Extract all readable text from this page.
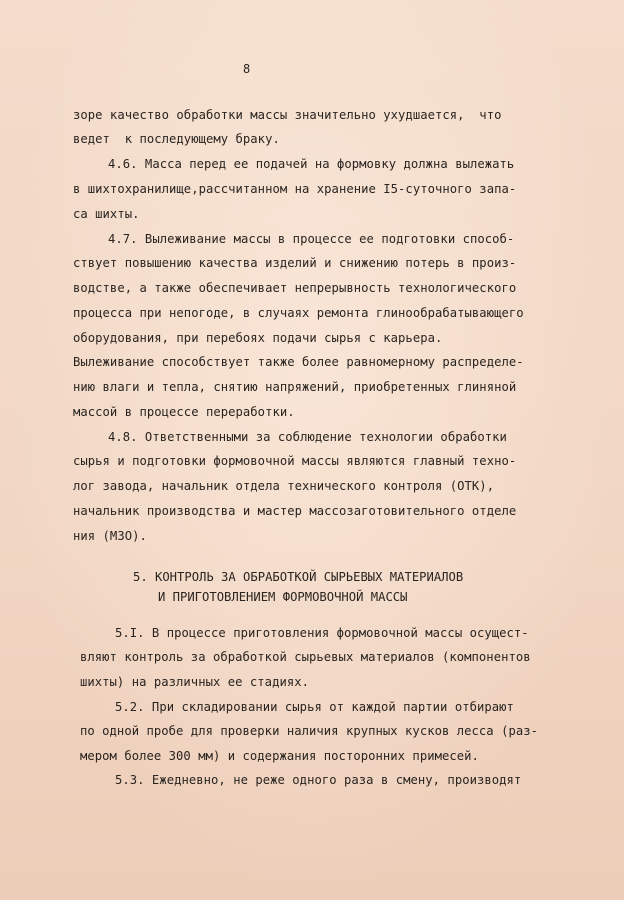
8
зоре качество обработки массы значительно ухудшается,  что
ведет  к последующему браку.
4.6. Масса перед ее подачей на формовку должна вылежать
в шихтохранилище,рассчитанном на хранение I5-суточного запа-
са шихты.
4.7. Вылеживание массы в процессе ее подготовки способ-
ствует повышению качества изделий и снижению потерь в произ-
водстве, а также обеспечивает непрерывность технологического
процесса при непогоде, в случаях ремонта глинообрабатывающего
оборудования, при перебоях подачи сырья с карьера.
Вылеживание способствует также более равномерному распределе-
нию влаги и тепла, снятию напряжений, приобретенных глиняной
массой в процессе переработки.
4.8. Ответственными за соблюдение технологии обработки
сырья и подготовки формовочной массы являются главный техно-
лог завода, начальник отдела технического контроля (ОТК),
начальник производства и мастер массозаготовительного отделе
ния (МЗО).
5. КОНТРОЛЬ ЗА ОБРАБОТКОЙ СЫРЬЕВЫХ МАТЕРИАЛОВ
И ПРИГОТОВЛЕНИЕМ ФОРМОВОЧНОЙ МАССЫ
5.I. В процессе приготовления формовочной массы осущест-
вляют контроль за обработкой сырьевых материалов (компонентов
шихты) на различных ее стадиях.
5.2. При складировании сырья от каждой партии отбирают
по одной пробе для проверки наличия крупных кусков лесса (раз-
мером более 300 мм) и содержания посторонних примесей.
5.3. Ежедневно, не реже одного раза в смену, производят
